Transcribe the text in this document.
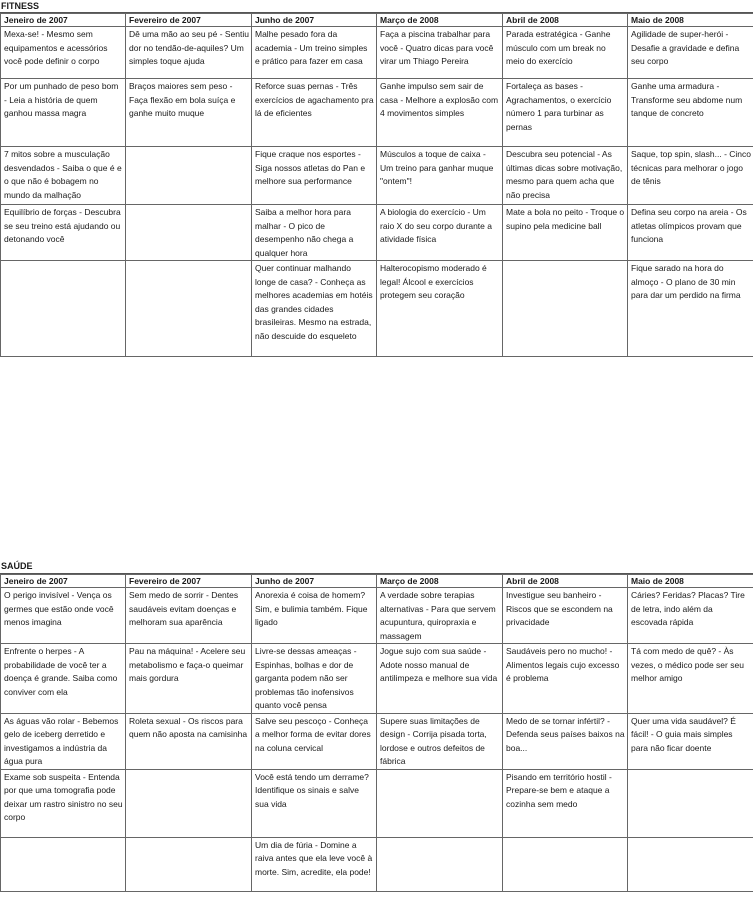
FITNESS
Jeneiro de 2007	Fevereiro de 2007	Junho de 2007	Março de 2008	Abril de 2008	Maio de 2008
Mexa-se! - Mesmo sem equipamentos e acessórios você pode definir o corpo	Dê uma mão ao seu pé - Sentiu dor no tendão-de-aquiles? Um simples toque ajuda	Malhe pesado fora da academia - Um treino simples e prático para fazer em casa	Faça a piscina trabalhar para você - Quatro dicas para você virar um Thiago Pereira	Parada estratégica - Ganhe músculo com um break no meio do exercício	Agilidade de super-herói - Desafie a gravidade e defina seu corpo
Por um punhado de peso bom - Leia a história de quem ganhou massa magra	Braços maiores sem peso - Faça flexão em bola suíça e ganhe muito muque	Reforce suas pernas - Três exercícios de agachamento pra lá de eficientes	Ganhe impulso sem sair de casa - Melhore a explosão com 4 movimentos simples	Fortaleça as bases - Agrachamentos, o exercício número 1 para turbinar as pernas	Ganhe uma armadura - Transforme seu abdome num tanque de concreto
7 mitos sobre a musculação desvendados - Saiba o que é e o que não é bobagem no mundo da malhação		Fique craque nos esportes - Siga nossos atletas do Pan e melhore sua performance	Músculos a toque de caixa - Um treino para ganhar muque "ontem"!	Descubra seu potencial - As últimas dicas sobre motivação, mesmo para quem acha que não precisa	Saque, top spin, slash... - Cinco técnicas para melhorar o jogo de tênis
Equilíbrio de forças - Descubra se seu treino está ajudando ou detonando você		Saiba a melhor hora para malhar - O pico de desempenho não chega a qualquer hora	A biologia do exercício - Um raio X do seu corpo durante a atividade física	Mate a bola no peito - Troque o supino pela medicine ball	Defina seu corpo na areia - Os atletas olímpicos provam que funciona
		Quer continuar malhando longe de casa? - Conheça as melhores academias em hotéis das grandes cidades brasileiras. Mesmo na estrada, não descuide do esqueleto	Halterocopismo moderado é legal! Álcool e exercícios protegem seu coração		Fique sarado na hora do almoço - O plano de 30 min para dar um perdido na firma
SAÚDE
Jeneiro de 2007	Fevereiro de 2007	Junho de 2007	Março de 2008	Abril de 2008	Maio de 2008
O perigo invisível - Vença os germes que estão onde você menos imagina	Sem medo de sorrir - Dentes saudáveis evitam doenças e melhoram sua aparência	Anorexia é coisa de homem? Sim, e bulimia também. Fique ligado	A verdade sobre terapias alternativas - Para que servem acupuntura, quiropraxia e massagem	Investigue seu banheiro - Riscos que se escondem na privacidade	Cáries? Feridas? Placas? Tire de letra, indo além da escovada rápida
Enfrente o herpes - A probabilidade de você ter a doença é grande. Saiba como conviver com ela	Pau na máquina! - Acelere seu metabolismo e faça-o queimar mais gordura	Livre-se dessas ameaças - Espinhas, bolhas e dor de garganta podem não ser problemas tão inofensivos quanto você pensa	Jogue sujo com sua saúde - Adote nosso manual de antilimpeza e melhore sua vida	Saudáveis pero no mucho! - Alimentos legais cujo excesso é problema	Tá com medo de quê? - Às vezes, o médico pode ser seu melhor amigo
As águas vão rolar - Bebemos gelo de iceberg derretido e investigamos a indústria da água pura	Roleta sexual - Os riscos para quem não aposta na camisinha	Salve seu pescoço - Conheça a melhor forma de evitar dores na coluna cervical	Supere suas limitações de design - Corrija pisada torta, lordose e outros defeitos de fábrica	Medo de se tornar infértil? - Defenda seus países baixos na boa...	Quer uma vida saudável? É fácil! - O guia mais simples para não ficar doente
Exame sob suspeita - Entenda por que uma tomografia pode deixar um rastro sinistro no seu corpo		Você está tendo um derrame? Identifique os sinais e salve sua vida		Pisando em território hostil - Prepare-se bem e ataque a cozinha sem medo	
		Um dia de fúria - Domine a raiva antes que ela leve você à morte. Sim, acredite, ela pode!			
